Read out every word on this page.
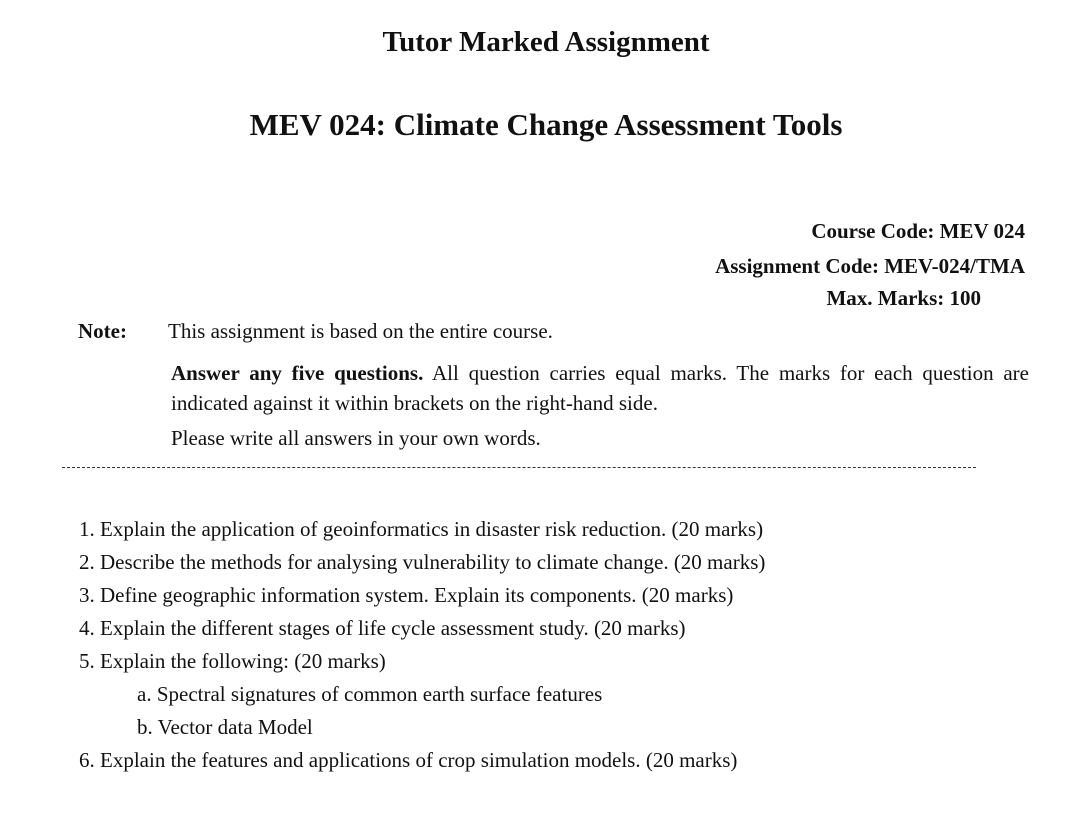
Tutor Marked Assignment
MEV 024: Climate Change Assessment Tools
Course Code: MEV 024
Assignment Code: MEV-024/TMA
Max. Marks: 100
Note: This assignment is based on the entire course.
Answer any five questions. All question carries equal marks. The marks for each question are indicated against it within brackets on the right-hand side.
Please write all answers in your own words.
1. Explain the application of geoinformatics in disaster risk reduction. (20 marks)
2. Describe the methods for analysing vulnerability to climate change. (20 marks)
3. Define geographic information system. Explain its components. (20 marks)
4. Explain the different stages of life cycle assessment study. (20 marks)
5. Explain the following: (20 marks)
a. Spectral signatures of common earth surface features
b. Vector data Model
6. Explain the features and applications of crop simulation models. (20 marks)
